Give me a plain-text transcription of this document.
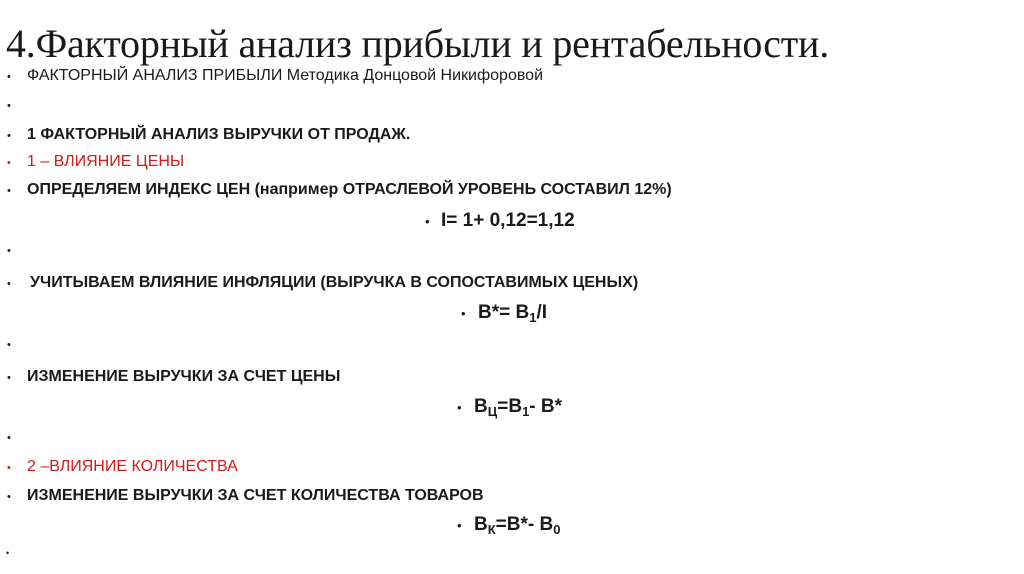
4.Факторный анализ прибыли и рентабельности.
• ФАКТОРНЫЙ АНАЛИЗ ПРИБЫЛИ Методика Донцовой Никифоровой
•
• 1 ФАКТОРНЫЙ АНАЛИЗ ВЫРУЧКИ ОТ ПРОДАЖ.
• 1 – ВЛИЯНИЕ ЦЕНЫ
• ОПРЕДЕЛЯЕМ ИНДЕКС ЦЕН (например ОТРАСЛЕВОЙ УРОВЕНЬ СОСТАВИЛ 12%)
• I= 1+ 0,12=1,12
•
• УЧИТЫВАЕМ ВЛИЯНИЕ ИНФЛЯЦИИ (ВЫРУЧКА В СОПОСТАВИМЫХ ЦЕНЫХ)
• $В*= В_1/I$
•
• ИЗМЕНЕНИЕ ВЫРУЧКИ ЗА СЧЕТ ЦЕНЫ
• $В_Ц=В_1-$ В*
•
• 2 –ВЛИЯНИЕ КОЛИЧЕСТВА
• ИЗМЕНЕНИЕ ВЫРУЧКИ ЗА СЧЕТ КОЛИЧЕСТВА ТОВАРОВ
• $В_К=В*-$ $В_0$
•
